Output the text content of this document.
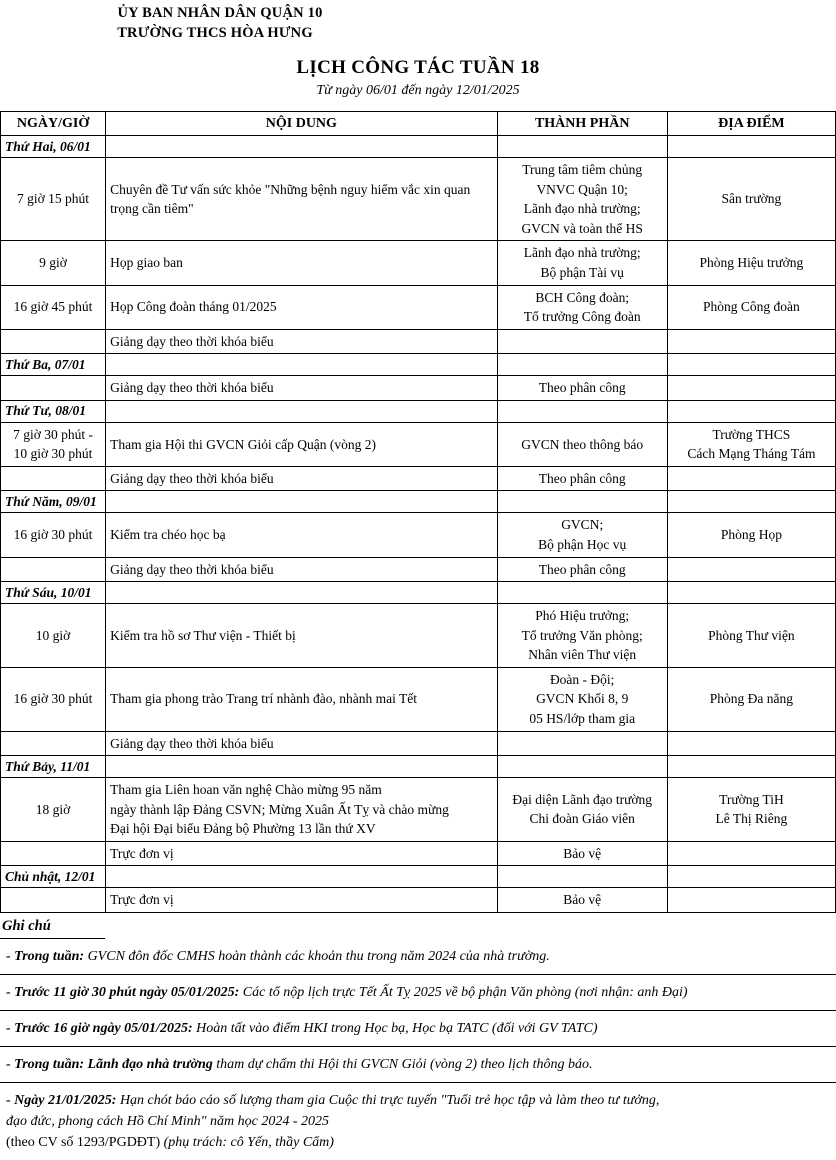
ỦY BAN NHÂN DÂN QUẬN 10
TRƯỜNG THCS HÒA HƯNG
LỊCH CÔNG TÁC TUẦN 18
Từ ngày 06/01 đến ngày 12/01/2025
NGÀY/GIỜ	NỘI DUNG	THÀNH PHẦN	ĐỊA ĐIỂM
Thứ Hai, 06/01			
7 giờ 15 phút	Chuyên đề Tư vấn sức khỏe "Những bệnh nguy hiểm vắc xin quan trọng cần tiêm"	Trung tâm tiêm chủng VNVC Quận 10;
Lãnh đạo nhà trường;
GVCN và toàn thể HS	Sân trường
9 giờ	Họp giao ban	Lãnh đạo nhà trường;
Bộ phận Tài vụ	Phòng Hiệu trưởng
16 giờ 45 phút	Họp Công đoàn tháng 01/2025	BCH Công đoàn;
Tổ trưởng Công đoàn	Phòng Công đoàn
	Giảng dạy theo thời khóa biểu		
Thứ Ba, 07/01			
	Giảng dạy theo thời khóa biểu	Theo phân công	
Thứ Tư, 08/01			
7 giờ 30 phút -
10 giờ 30 phút	Tham gia Hội thi GVCN Giỏi cấp Quận (vòng 2)	GVCN theo thông báo	Trường THCS
Cách Mạng Tháng Tám
	Giảng dạy theo thời khóa biểu	Theo phân công	
Thứ Năm, 09/01			
16 giờ 30 phút	Kiểm tra chéo học bạ	GVCN;
Bộ phận Học vụ	Phòng Họp
	Giảng dạy theo thời khóa biểu	Theo phân công	
Thứ Sáu, 10/01			
10 giờ	Kiểm tra hồ sơ Thư viện - Thiết bị	Phó Hiệu trưởng;
Tổ trưởng Văn phòng;
Nhân viên Thư viện	Phòng Thư viện
16 giờ 30 phút	Tham gia phong trào Trang trí nhành đào, nhành mai Tết	Đoàn - Đội;
GVCN Khối 8, 9
05 HS/lớp tham gia	Phòng Đa năng
	Giảng dạy theo thời khóa biểu		
Thứ Bảy, 11/01			
18 giờ	Tham gia Liên hoan văn nghệ Chào mừng 95 năm
ngày thành lập Đảng CSVN; Mừng Xuân Ất Tỵ và chào mừng
Đại hội Đại biểu Đảng bộ Phường 13 lần thứ XV	Đại diện Lãnh đạo trường
Chi đoàn Giáo viên	Trường TiH
Lê Thị Riêng
	Trực đơn vị	Bảo vệ	
Chủ nhật, 12/01			
	Trực đơn vị	Bảo vệ	
Ghi chú
- Trong tuần: GVCN đôn đốc CMHS hoàn thành các khoản thu trong năm 2024 của nhà trường.
- Trước 11 giờ 30 phút ngày 05/01/2025: Các tổ nộp lịch trực Tết Ất Tỵ 2025 về bộ phận Văn phòng (nơi nhận: anh Đại)
- Trước 16 giờ ngày 05/01/2025: Hoàn tất vào điểm HKI trong Học bạ, Học bạ TATC (đối với GV TATC)
- Trong tuần: Lãnh đạo nhà trường tham dự chấm thi Hội thi GVCN Giỏi (vòng 2) theo lịch thông báo.
- Ngày 21/01/2025: Hạn chót báo cáo số lượng tham gia Cuộc thi trực tuyến "Tuổi trẻ học tập và làm theo tư tưởng,
đạo đức, phong cách Hồ Chí Minh" năm học 2024 - 2025
(theo CV số 1293/PGDĐT) (phụ trách: cô Yến, thầy Cẩm)
